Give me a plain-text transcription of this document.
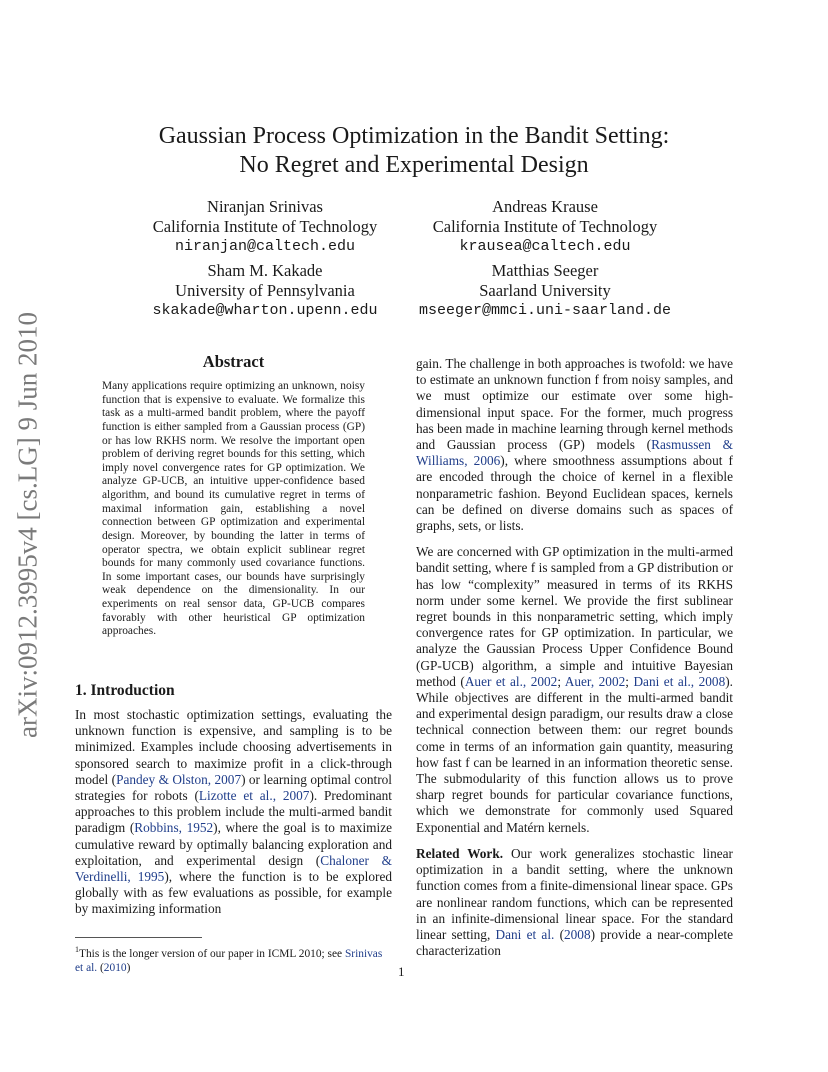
arXiv:0912.3995v4 [cs.LG] 9 Jun 2010
Gaussian Process Optimization in the Bandit Setting:
No Regret and Experimental Design
Niranjan Srinivas
California Institute of Technology
niranjan@caltech.edu
Andreas Krause
California Institute of Technology
krausea@caltech.edu
Sham M. Kakade
University of Pennsylvania
skakade@wharton.upenn.edu
Matthias Seeger
Saarland University
mseeger@mmci.uni-saarland.de
Abstract

Many applications require optimizing an unknown, noisy function that is expensive to evaluate. We formalize this task as a multi-armed bandit problem, where the payoff function is either sampled from a Gaussian process (GP) or has low RKHS norm. We resolve the important open problem of deriving regret bounds for this setting, which imply novel convergence rates for GP optimization. We analyze GP-UCB, an intuitive upper-confidence based algorithm, and bound its cumulative regret in terms of maximal information gain, establishing a novel connection between GP optimization and experimental design. Moreover, by bounding the latter in terms of operator spectra, we obtain explicit sublinear regret bounds for many commonly used covariance functions. In some important cases, our bounds have surprisingly weak dependence on the dimensionality. In our experiments on real sensor data, GP-UCB compares favorably with other heuristical GP optimization approaches.

1. Introduction

In most stochastic optimization settings, evaluating the unknown function is expensive, and sampling is to be minimized. Examples include choosing advertisements in sponsored search to maximize profit in a click-through model (Pandey & Olston, 2007) or learning optimal control strategies for robots (Lizotte et al., 2007). Predominant approaches to this problem include the multi-armed bandit paradigm (Robbins, 1952), where the goal is to maximize cumulative reward by optimally balancing exploration and exploitation, and experimental design (Chaloner & Verdinelli, 1995), where the function is to be explored globally with as few evaluations as possible, for example by maximizing information

$^1$This is the longer version of our paper in ICML 2010; see Srinivas et al. (2010)	1

gain. The challenge in both approaches is twofold: we have to estimate an unknown function f from noisy samples, and we must optimize our estimate over some high-dimensional input space. For the former, much progress has been made in machine learning through kernel methods and Gaussian process (GP) models (Rasmussen & Williams, 2006), where smoothness assumptions about f are encoded through the choice of kernel in a flexible nonparametric fashion. Beyond Euclidean spaces, kernels can be defined on diverse domains such as spaces of graphs, sets, or lists.

We are concerned with GP optimization in the multi-armed bandit setting, where f is sampled from a GP distribution or has low “complexity” measured in terms of its RKHS norm under some kernel. We provide the first sublinear regret bounds in this nonparametric setting, which imply convergence rates for GP optimization. In particular, we analyze the Gaussian Process Upper Confidence Bound (GP-UCB) algorithm, a simple and intuitive Bayesian method (Auer et al., 2002; Auer, 2002; Dani et al., 2008). While objectives are different in the multi-armed bandit and experimental design paradigm, our results draw a close technical connection between them: our regret bounds come in terms of an information gain quantity, measuring how fast f can be learned in an information theoretic sense. The submodularity of this function allows us to prove sharp regret bounds for particular covariance functions, which we demonstrate for commonly used Squared Exponential and Matérn kernels.

Related Work. Our work generalizes stochastic linear optimization in a bandit setting, where the unknown function comes from a finite-dimensional linear space. GPs are nonlinear random functions, which can be represented in an infinite-dimensional linear space. For the standard linear setting, Dani et al. (2008) provide a near-complete characterization
